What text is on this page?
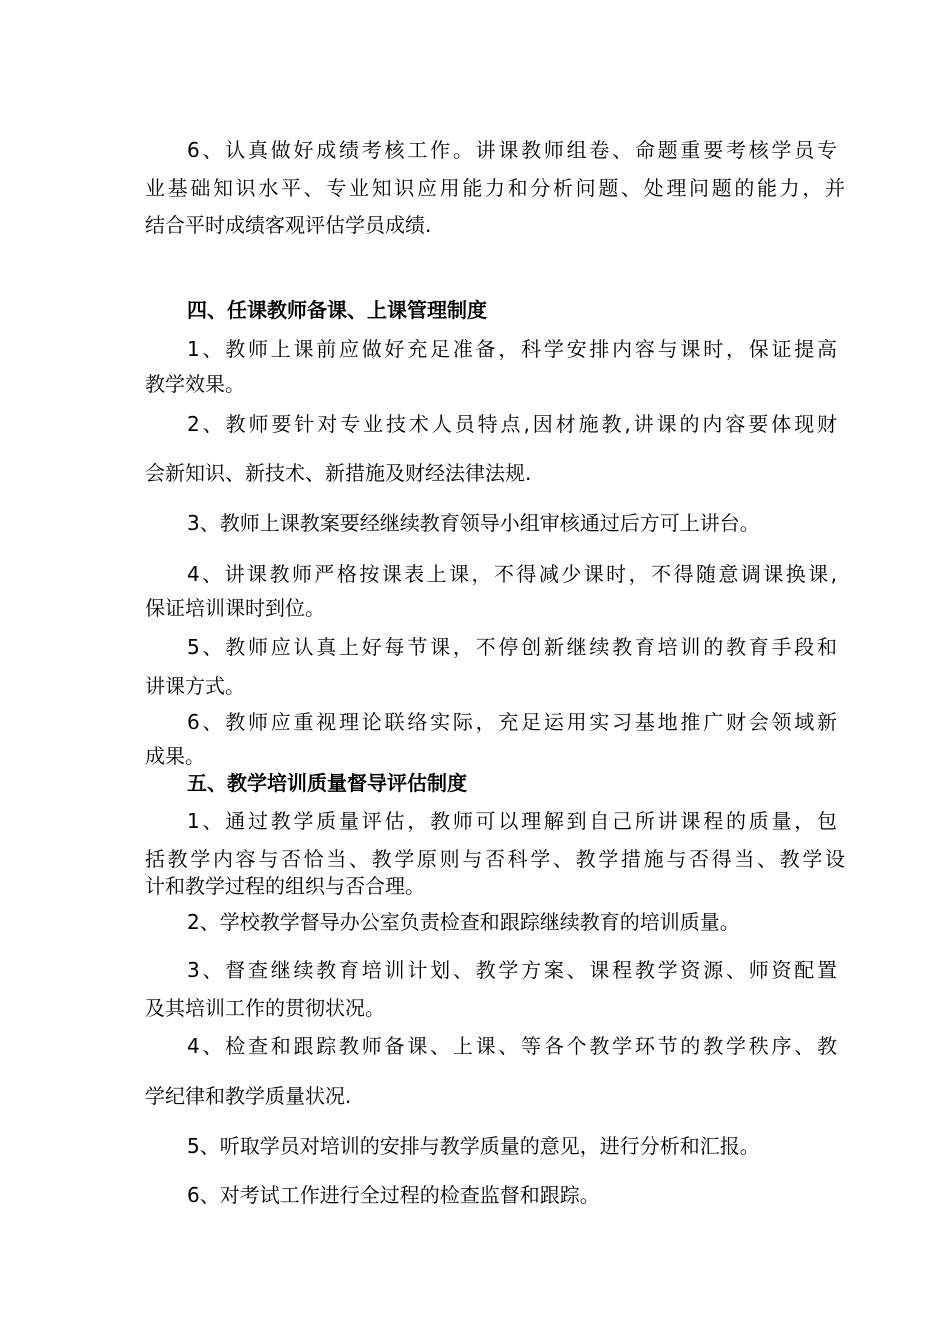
6、认真做好成绩考核工作。讲课教师组卷、命题重要考核学员专
业基础知识水平、专业知识应用能力和分析问题、处理问题的能力，并
结合平时成绩客观评估学员成绩.
四、任课教师备课、上课管理制度
1、教师上课前应做好充足准备，科学安排内容与课时，保证提高
教学效果。
2、教师要针对专业技术人员特点,因材施教,讲课的内容要体现财
会新知识、新技术、新措施及财经法律法规.
3、教师上课教案要经继续教育领导小组审核通过后方可上讲台。
4、讲课教师严格按课表上课，不得减少课时，不得随意调课换课,
保证培训课时到位。
5、教师应认真上好每节课，不停创新继续教育培训的教育手段和
讲课方式。
6、教师应重视理论联络实际，充足运用实习基地推广财会领域新
成果。
五、教学培训质量督导评估制度
1、通过教学质量评估，教师可以理解到自己所讲课程的质量，包
括教学内容与否恰当、教学原则与否科学、教学措施与否得当、教学设
计和教学过程的组织与否合理。
2、学校教学督导办公室负责检查和跟踪继续教育的培训质量。
3、督查继续教育培训计划、教学方案、课程教学资源、师资配置
及其培训工作的贯彻状况。
4、检查和跟踪教师备课、上课、等各个教学环节的教学秩序、教
学纪律和教学质量状况.
5、听取学员对培训的安排与教学质量的意见，进行分析和汇报。
6、对考试工作进行全过程的检查监督和跟踪。
